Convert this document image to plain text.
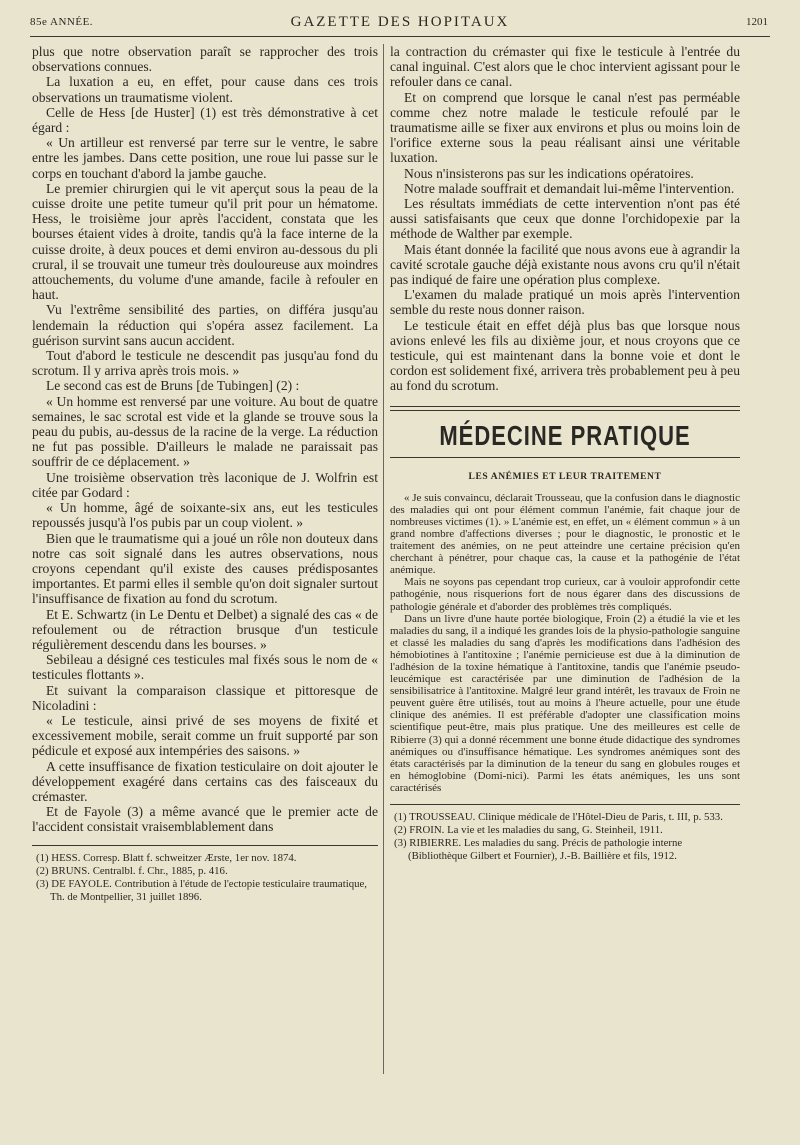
85e ANNÉE.	GAZETTE DES HOPITAUX	1201

plus que notre observation paraît se rapprocher des trois observations connues.

La luxation a eu, en effet, pour cause dans ces trois observations un traumatisme violent.

Celle de Hess [de Huster] (1) est très démonstrative à cet égard :

« Un artilleur est renversé par terre sur le ventre, le sabre entre les jambes. Dans cette position, une roue lui passe sur le corps en touchant d'abord la jambe gauche.

Le premier chirurgien qui le vit aperçut sous la peau de la cuisse droite une petite tumeur qu'il prit pour un hématome. Hess, le troisième jour après l'accident, constata que les bourses étaient vides à droite, tandis qu'à la face interne de la cuisse droite, à deux pouces et demi environ au-dessous du pli crural, il se trouvait une tumeur très douloureuse aux moindres attouchements, du volume d'une amande, facile à refouler en haut.

Vu l'extrême sensibilité des parties, on différa jusqu'au lendemain la réduction qui s'opéra assez facilement. La guérison survint sans aucun accident.

Tout d'abord le testicule ne descendit pas jusqu'au fond du scrotum. Il y arriva après trois mois. »

Le second cas est de Bruns [de Tubingen] (2) :

« Un homme est renversé par une voiture. Au bout de quatre semaines, le sac scrotal est vide et la glande se trouve sous la peau du pubis, au-dessus de la racine de la verge. La réduction ne fut pas possible. D'ailleurs le malade ne paraissait pas souffrir de ce déplacement. »

Une troisième observation très laconique de J. Wolfrin est citée par Godard :

« Un homme, âgé de soixante-six ans, eut les testicules repoussés jusqu'à l'os pubis par un coup violent. »

Bien que le traumatisme qui a joué un rôle non douteux dans notre cas soit signalé dans les autres observations, nous croyons cependant qu'il existe des causes prédisposantes importantes. Et parmi elles il semble qu'on doit signaler surtout l'insuffisance de fixation au fond du scrotum.

Et E. Schwartz (in Le Dentu et Delbet) a signalé des cas « de refoulement ou de rétraction brusque d'un testicule régulièrement descendu dans les bourses. »

Sebileau a désigné ces testicules mal fixés sous le nom de « testicules flottants ».

Et suivant la comparaison classique et pittoresque de Nicoladini :

« Le testicule, ainsi privé de ses moyens de fixité et excessivement mobile, serait comme un fruit supporté par son pédicule et exposé aux intempéries des saisons. »

A cette insuffisance de fixation testiculaire on doit ajouter le développement exagéré dans certains cas des faisceaux du crémaster.

Et de Fayole (3) a même avancé que le premier acte de l'accident consistait vraisemblablement dans

(1) HESS. Corresp. Blatt f. schweitzer Ærste, 1er nov. 1874.

(2) BRUNS. Centralbl. f. Chr., 1885, p. 416.

(3) DE FAYOLE. Contribution à l'étude de l'ectopie testiculaire traumatique, Th. de Montpellier, 31 juillet 1896.

la contraction du crémaster qui fixe le testicule à l'entrée du canal inguinal. C'est alors que le choc intervient agissant pour le refouler dans ce canal.

Et on comprend que lorsque le canal n'est pas perméable comme chez notre malade le testicule refoulé par le traumatisme aille se fixer aux environs et plus ou moins loin de l'orifice externe sous la peau réalisant ainsi une véritable luxation.

Nous n'insisterons pas sur les indications opératoires.

Notre malade souffrait et demandait lui-même l'intervention.

Les résultats immédiats de cette intervention n'ont pas été aussi satisfaisants que ceux que donne l'orchidopexie par la méthode de Walther par exemple.

Mais étant donnée la facilité que nous avons eue à agrandir la cavité scrotale gauche déjà existante nous avons cru qu'il n'était pas indiqué de faire une opération plus complexe.

L'examen du malade pratiqué un mois après l'intervention semble du reste nous donner raison.

Le testicule était en effet déjà plus bas que lorsque nous avions enlevé les fils au dixième jour, et nous croyons que ce testicule, qui est maintenant dans la bonne voie et dont le cordon est solidement fixé, arrivera très probablement peu à peu au fond du scrotum.

MÉDECINE PRATIQUE
LES ANÉMIES ET LEUR TRAITEMENT

« Je suis convaincu, déclarait Trousseau, que la confusion dans le diagnostic des maladies qui ont pour élément commun l'anémie, fait chaque jour de nombreuses victimes (1). » L'anémie est, en effet, un « élément commun » à un grand nombre d'affections diverses ; pour le diagnostic, le pronostic et le traitement des anémies, on ne peut atteindre une certaine précision qu'en cherchant à pénétrer, pour chaque cas, la cause et la pathogénie de l'état anémique.

Mais ne soyons pas cependant trop curieux, car à vouloir approfondir cette pathogénie, nous risquerions fort de nous égarer dans des discussions de pathologie générale et d'aborder des problèmes très compliqués.

Dans un livre d'une haute portée biologique, Froin (2) a étudié la vie et les maladies du sang, il a indiqué les grandes lois de la physio-pathologie sanguine et classé les maladies du sang d'après les modifications dans l'adhésion des hémobiotines à l'antitoxine ; l'anémie pernicieuse est due à la diminution de l'adhésion de la toxine hématique à l'antitoxine, tandis que l'anémie pseudo-leucémique est caractérisée par une diminution de l'adhésion de la sensibilisatrice à l'antitoxine. Malgré leur grand intérêt, les travaux de Froin ne peuvent guère être utilisés, tout au moins à l'heure actuelle, pour une étude clinique des anémies. Il est préférable d'adopter une classification moins scientifique peut-être, mais plus pratique. Une des meilleures est celle de Ribierre (3) qui a donné récemment une bonne étude didactique des syndromes anémiques ou d'insuffisance hématique. Les syndromes anémiques sont des états caractérisés par la diminution de la teneur du sang en globules rouges et en hémoglobine (Domi-nici). Parmi les états anémiques, les uns sont caractérisés

(1) TROUSSEAU. Clinique médicale de l'Hôtel-Dieu de Paris, t. III, p. 533.

(2) FROIN. La vie et les maladies du sang, G. Steinheil, 1911.

(3) RIBIERRE. Les maladies du sang. Précis de pathologie interne (Bibliothèque Gilbert et Fournier), J.-B. Baillière et fils, 1912.
